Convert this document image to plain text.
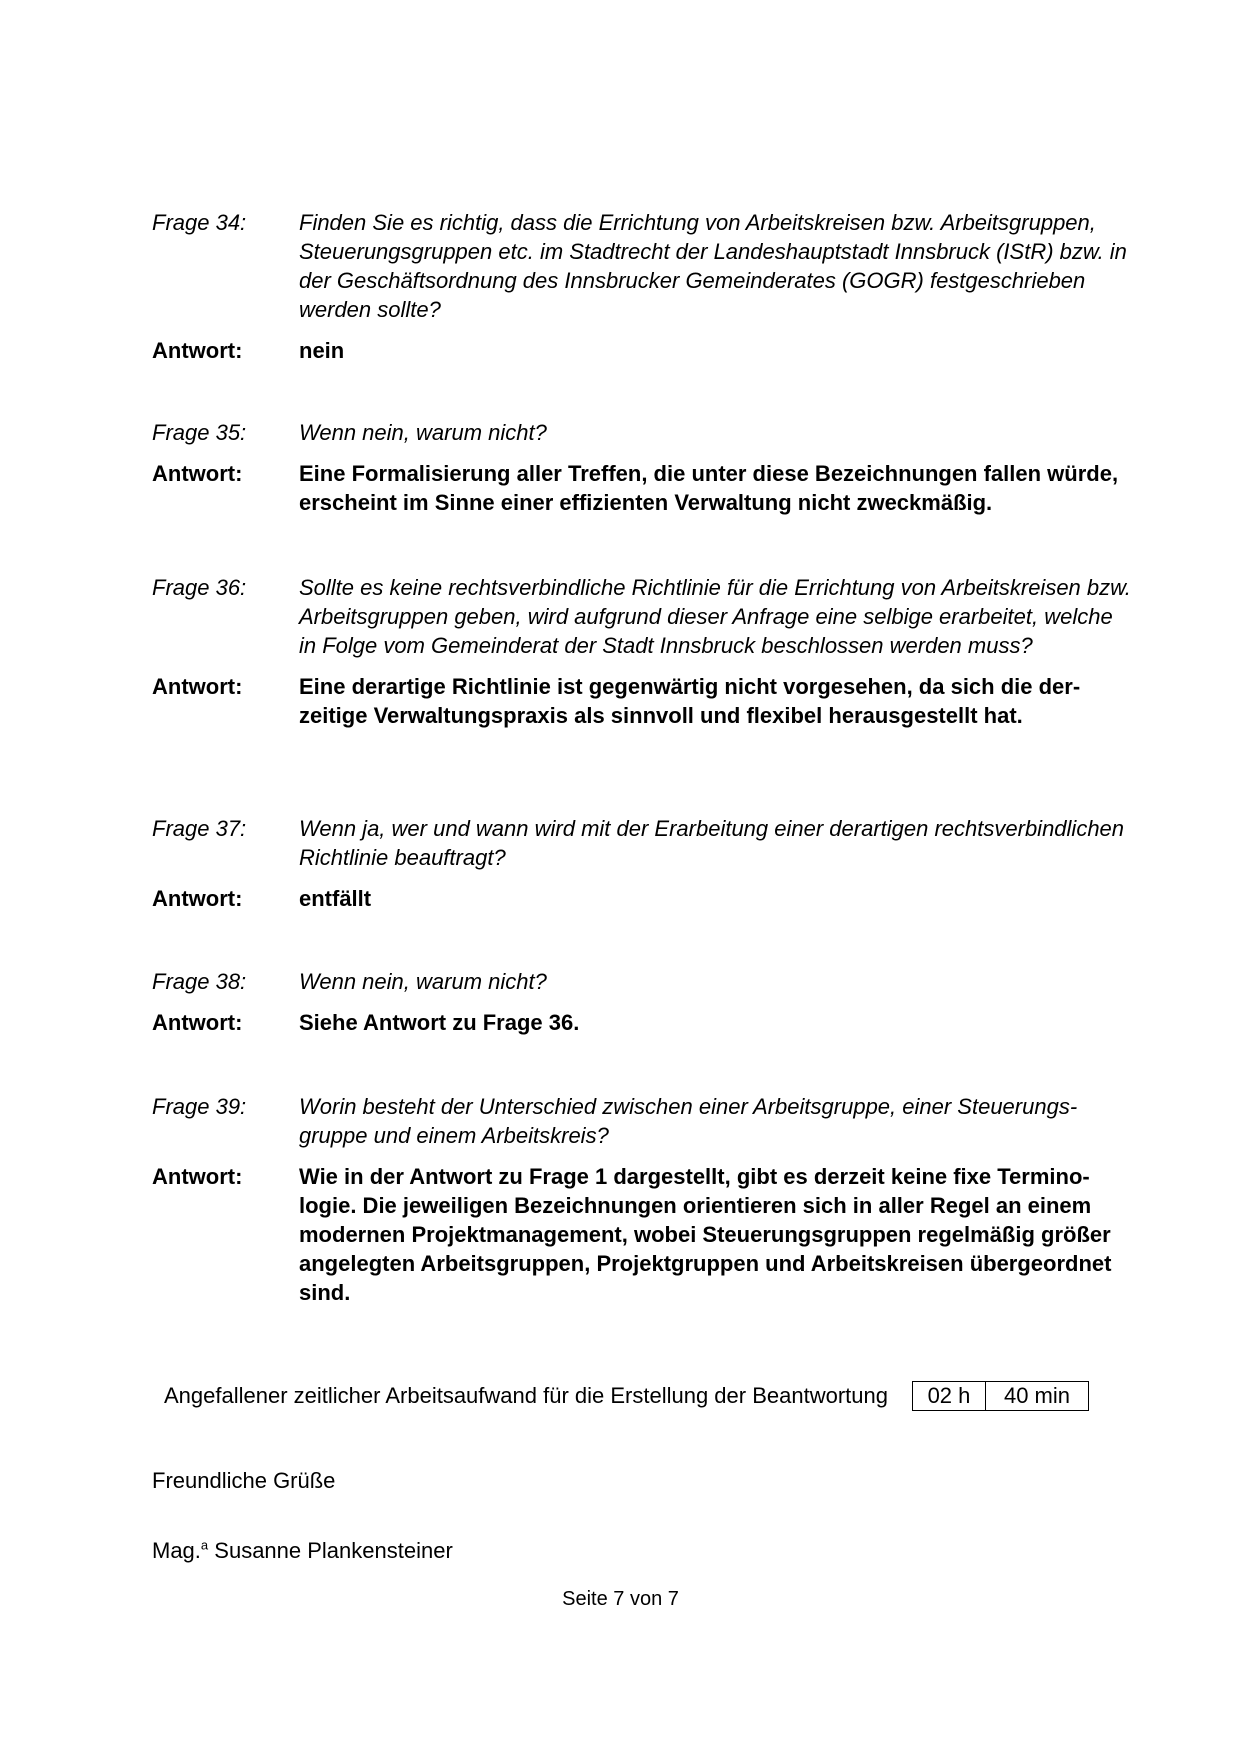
Frage 34:	Finden Sie es richtig, dass die Errichtung von Arbeitskreisen bzw. Arbeitsgruppen, Steuerungsgruppen etc. im Stadtrecht der Landeshauptstadt Innsbruck (IStR) bzw. in der Geschäftsordnung des Innsbrucker Gemeinderates (GOGR) festgeschrieben werden sollte?
Antwort:	nein
Frage 35:	Wenn nein, warum nicht?
Antwort:	Eine Formalisierung aller Treffen, die unter diese Bezeichnungen fallen würde, erscheint im Sinne einer effizienten Verwaltung nicht zweckmäßig.
Frage 36:	Sollte es keine rechtsverbindliche Richtlinie für die Errichtung von Arbeitskreisen bzw. Arbeitsgruppen geben, wird aufgrund dieser Anfrage eine selbige erarbeitet, welche in Folge vom Gemeinderat der Stadt Innsbruck beschlossen werden muss?
Antwort:	Eine derartige Richtlinie ist gegenwärtig nicht vorgesehen, da sich die derzeitige Verwaltungspraxis als sinnvoll und flexibel herausgestellt hat.
Frage 37:	Wenn ja, wer und wann wird mit der Erarbeitung einer derartigen rechtsverbindlichen Richtlinie beauftragt?
Antwort:	entfällt
Frage 38:	Wenn nein, warum nicht?
Antwort:	Siehe Antwort zu Frage 36.
Frage 39:	Worin besteht der Unterschied zwischen einer Arbeitsgruppe, einer Steuerungsgruppe und einem Arbeitskreis?
Antwort:	Wie in der Antwort zu Frage 1 dargestellt, gibt es derzeit keine fixe Terminologie. Die jeweiligen Bezeichnungen orientieren sich in aller Regel an einem modernen Projektmanagement, wobei Steuerungsgruppen regelmäßig größer angelegten Arbeitsgruppen, Projektgruppen und Arbeitskreisen übergeordnet sind.
Angefallener zeitlicher Arbeitsaufwand für die Erstellung der Beantwortung	02 h	40 min
Freundliche Grüße
Mag.$^a$ Susanne Plankensteiner
Seite 7 von 7
